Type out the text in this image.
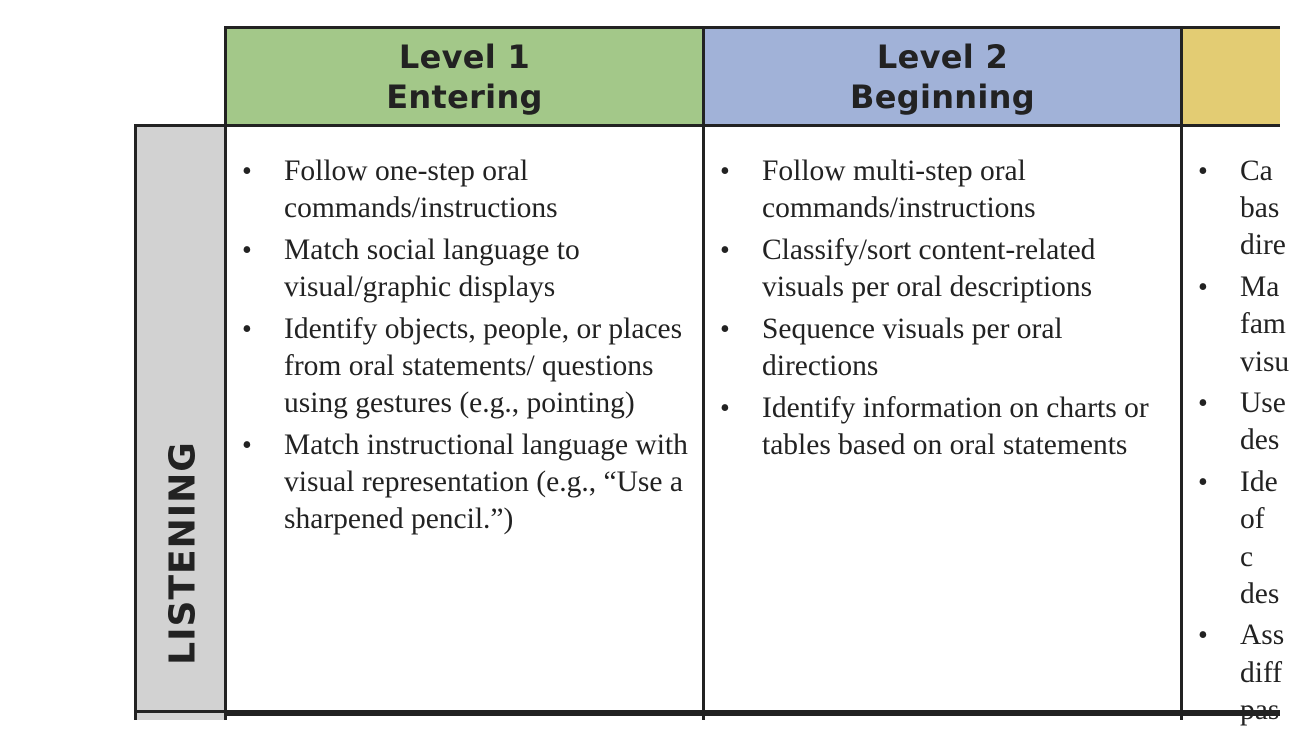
Level 1
Entering
Level 2
Beginning
LISTENING
• Follow one-step oral commands/instructions
• Match social language to visual/graphic displays
• Identify objects, people, or places from oral statements/ questions using gestures (e.g., pointing)
• Match instructional language with visual representation (e.g., “Use a sharpened pencil.”)
• Follow multi-step oral commands/instructions
• Classify/sort content-related visuals per oral descriptions
• Sequence visuals per oral directions
• Identify information on charts or tables based on oral statements
• Ca bas dire
• Ma fam visu
• Use des
• Ide of c des
• Ass diff pas
